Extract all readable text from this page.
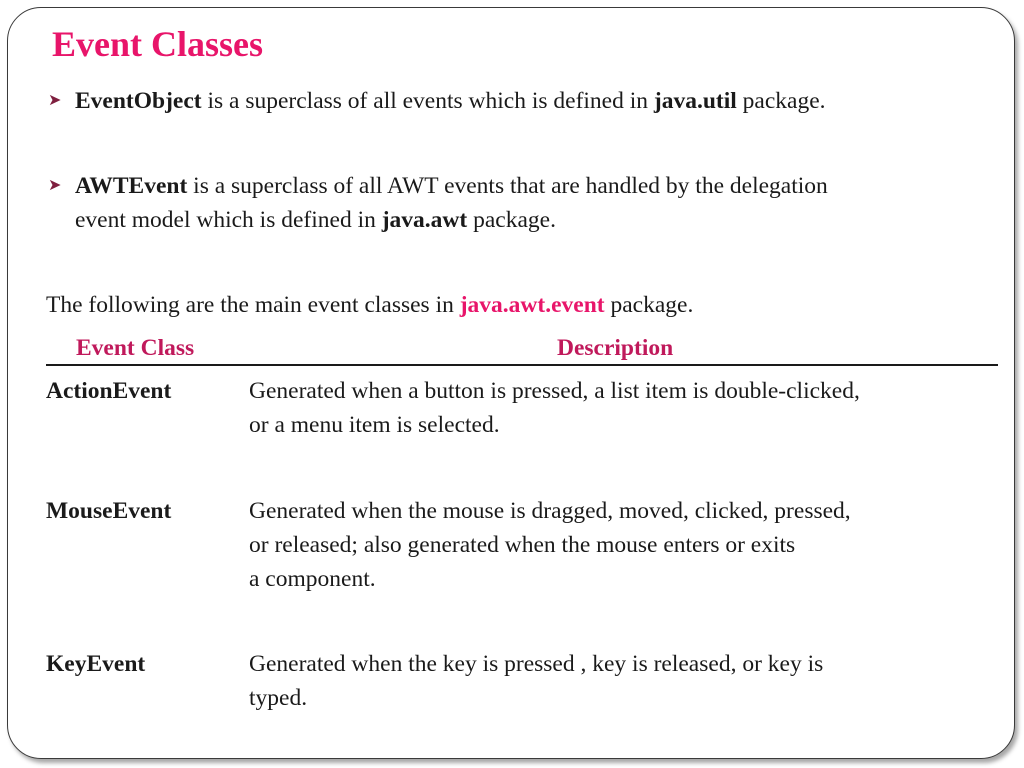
Event Classes
➤ EventObject is a superclass of all events which is defined in java.util package.
➤ AWTEvent is a superclass of all AWT events that are handled by the delegation
event model which is defined in java.awt package.

The following are the main event classes in java.awt.event package.

Event Class	Description

ActionEvent	Generated when a button is pressed, a list item is double-clicked,
or a menu item is selected.

MouseEvent	Generated when the mouse is dragged, moved, clicked, pressed,
or released; also generated when the mouse enters or exits
a component.

KeyEvent	Generated when the key is pressed , key is released, or key is
typed.
